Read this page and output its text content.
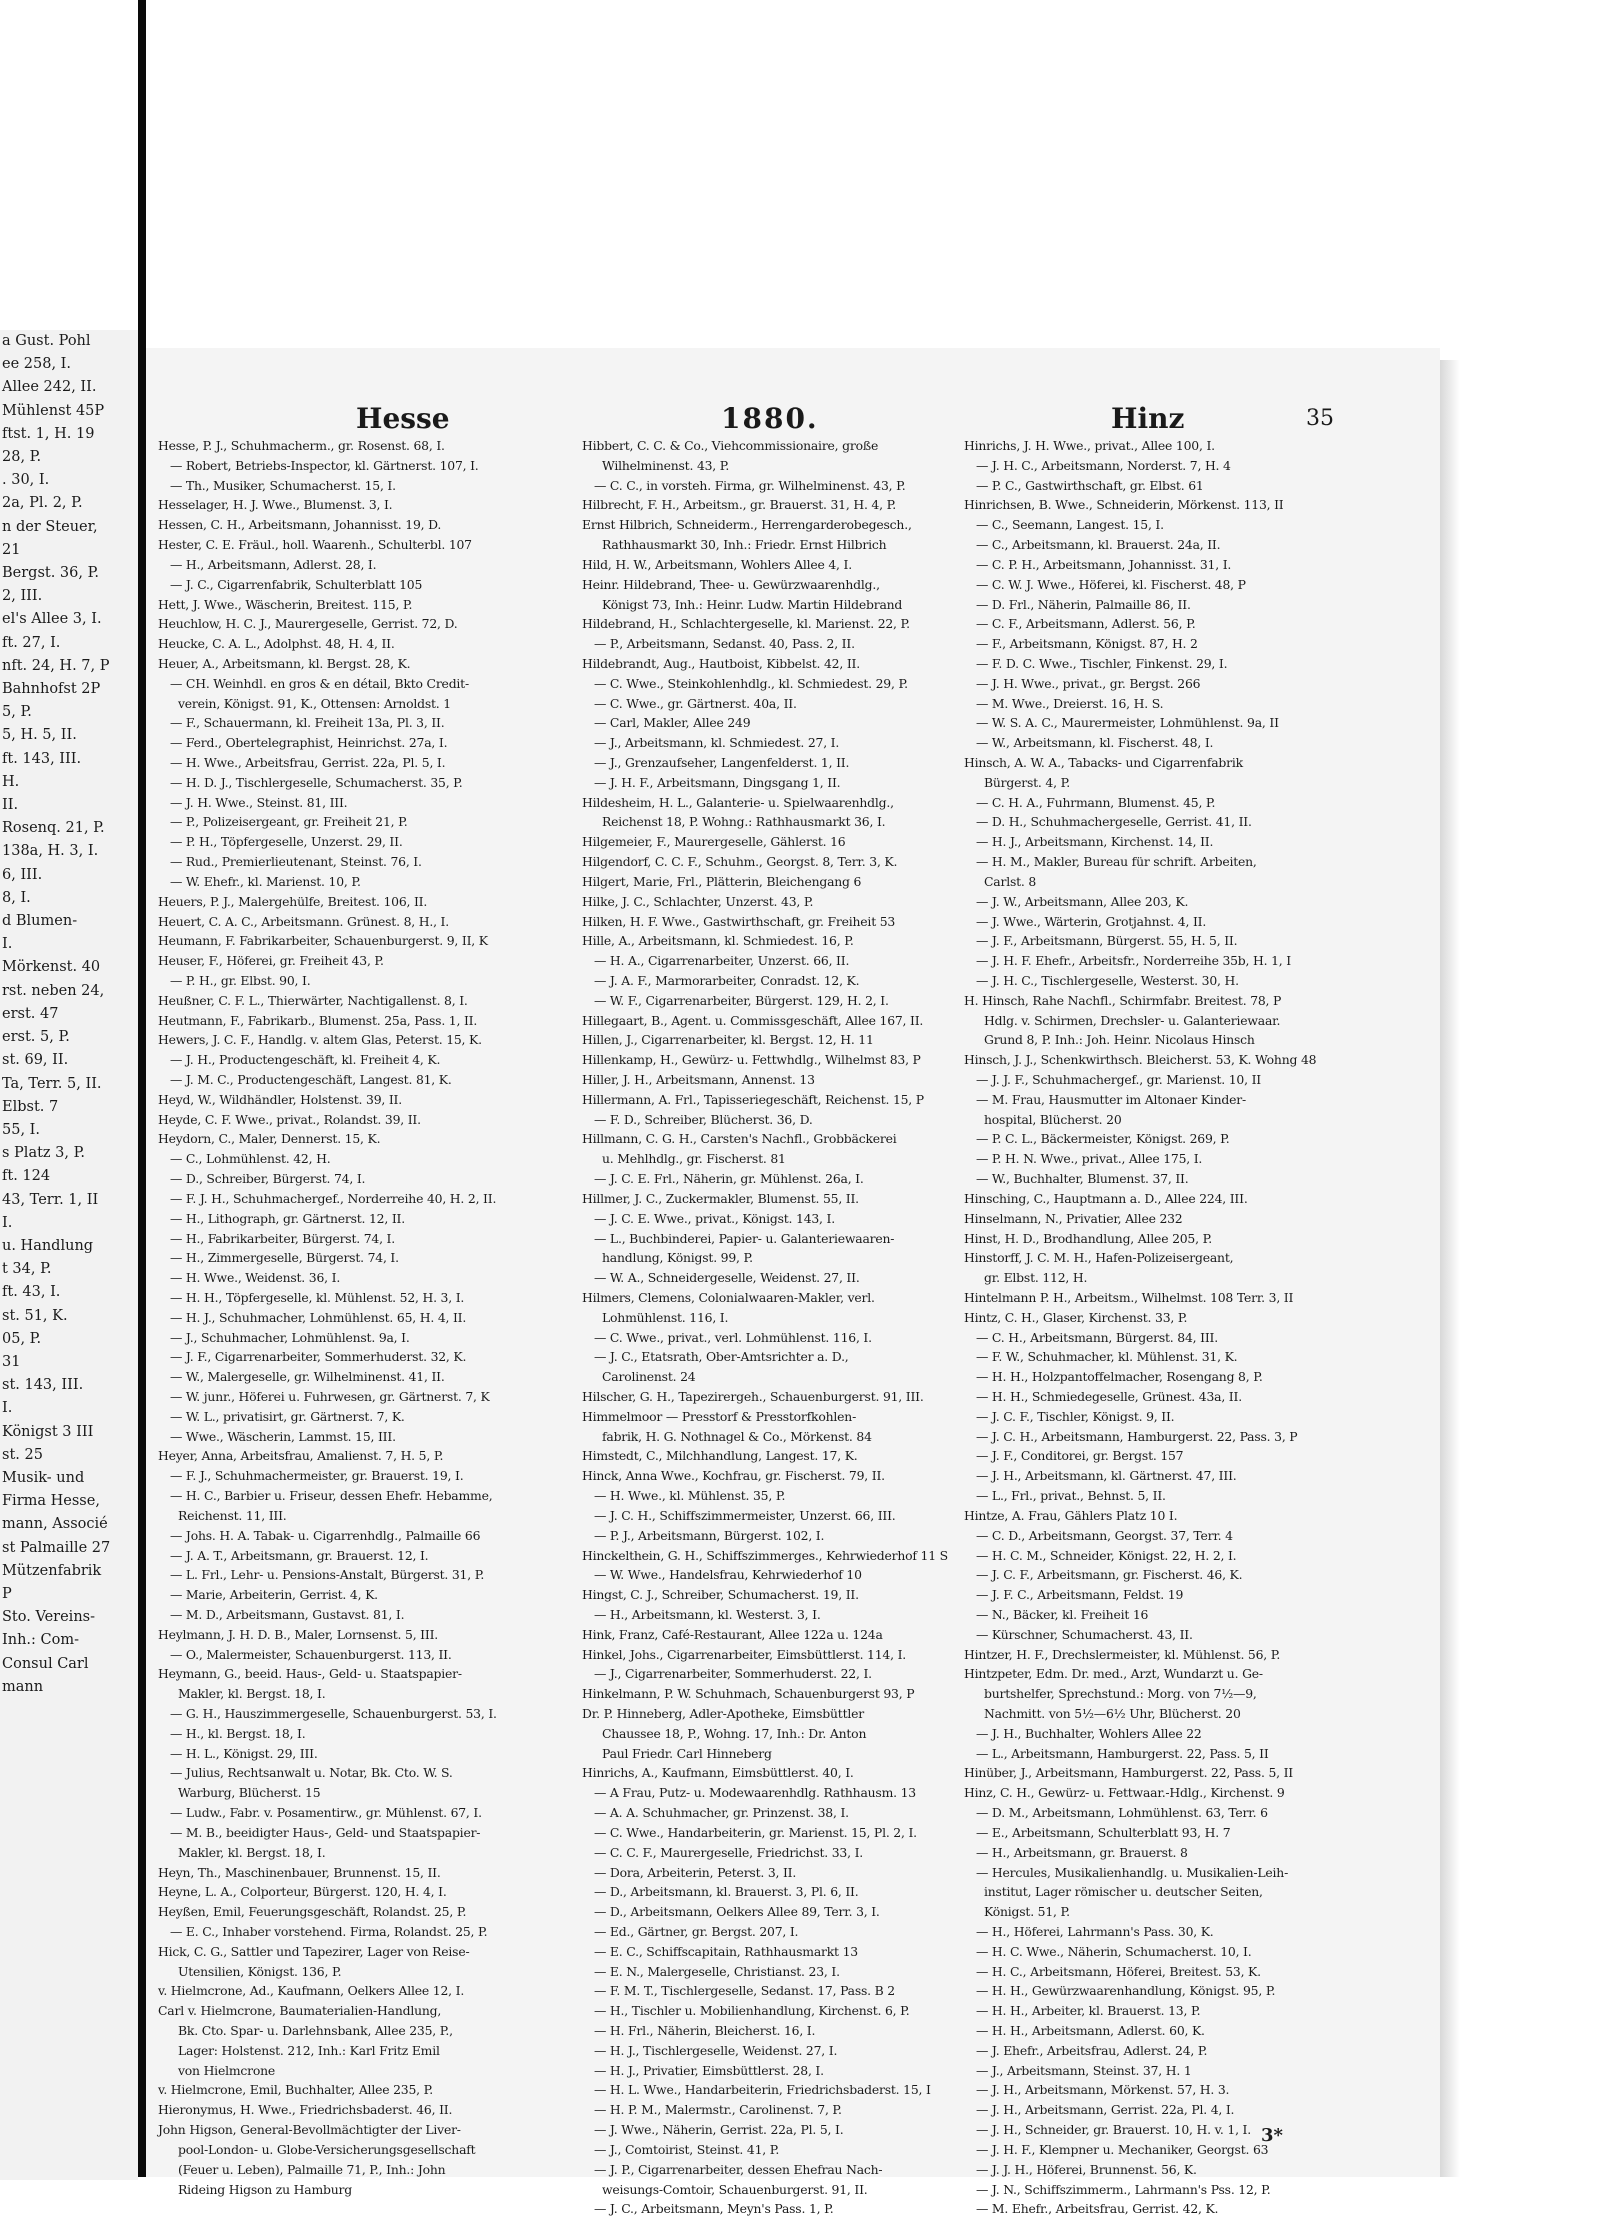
a Gust. Pohl
ee 258, I.
Allee 242, II.
Mühlenst 45P
ftst. 1, H. 19
28, P.
. 30, I.
2a, Pl. 2, P.
n der Steuer,
21
Bergst. 36, P.
2, III.
el's Allee 3, I.
ft. 27, I.
nft. 24, H. 7, P
Bahnhofst 2P
5, P.
5, H. 5, II.
ft. 143, III.
H.
II.
Rosenq. 21, P.
138a, H. 3, I.
6, III.
8, I.
d Blumen-
I.
Mörkenst. 40
rst. neben 24,
erst. 47
erst. 5, P.
st. 69, II.
Ta, Terr. 5, II.
Elbst. 7
55, I.
s Platz 3, P.
ft. 124
43, Terr. 1, II
I.
u. Handlung
t 34, P.
ft. 43, I.
st. 51, K.
05, P.
31
st. 143, III.
I.
Königst 3 III
st. 25
Musik- und
Firma Hesse,
mann, Associé
st Palmaille 27
Mützenfabrik
P
Sto. Vereins-
Inh.: Com-
Consul Carl
mann
Hesse	1880.	Hinz	35
Hesse, P. J., Schuhmacherm., gr. Rosenst. 68, I.
— Robert, Betriebs-Inspector, kl. Gärtnerst. 107, I.
— Th., Musiker, Schumacherst. 15, I.
Hesselager, H. J. Wwe., Blumenst. 3, I.
Hessen, C. H., Arbeitsmann, Johannisst. 19, D.
Hester, C. E. Fräul., holl. Waarenh., Schulterbl. 107
— H., Arbeitsmann, Adlerst. 28, I.
— J. C., Cigarrenfabrik, Schulterblatt 105
Hett, J. Wwe., Wäscherin, Breitest. 115, P.
Heuchlow, H. C. J., Maurergeselle, Gerrist. 72, D.
Heucke, C. A. L., Adolphst. 48, H. 4, II.
Heuer, A., Arbeitsmann, kl. Bergst. 28, K.
— CH. Weinhdl. en gros & en détail, Bkto Credit-
verein, Königst. 91, K., Ottensen: Arnoldst. 1
— F., Schauermann, kl. Freiheit 13a, Pl. 3, II.
— Ferd., Obertelegraphist, Heinrichst. 27a, I.
— H. Wwe., Arbeitsfrau, Gerrist. 22a, Pl. 5, I.
— H. D. J., Tischlergeselle, Schumacherst. 35, P.
— J. H. Wwe., Steinst. 81, III.
— P., Polizeisergeant, gr. Freiheit 21, P.
— P. H., Töpfergeselle, Unzerst. 29, II.
— Rud., Premierlieutenant, Steinst. 76, I.
— W. Ehefr., kl. Marienst. 10, P.
Heuers, P. J., Malergehülfe, Breitest. 106, II.
Heuert, C. A. C., Arbeitsmann. Grünest. 8, H., I.
Heumann, F. Fabrikarbeiter, Schauenburgerst. 9, II, K
Heuser, F., Höferei, gr. Freiheit 43, P.
— P. H., gr. Elbst. 90, I.
Heußner, C. F. L., Thierwärter, Nachtigallenst. 8, I.
Heutmann, F., Fabrikarb., Blumenst. 25a, Pass. 1, II.
Hewers, J. C. F., Handlg. v. altem Glas, Peterst. 15, K.
— J. H., Productengeschäft, kl. Freiheit 4, K.
— J. M. C., Productengeschäft, Langest. 81, K.
Heyd, W., Wildhändler, Holstenst. 39, II.
Heyde, C. F. Wwe., privat., Rolandst. 39, II.
Heydorn, C., Maler, Dennerst. 15, K.
— C., Lohmühlenst. 42, H.
— D., Schreiber, Bürgerst. 74, I.
— F. J. H., Schuhmachergef., Norderreihe 40, H. 2, II.
— H., Lithograph, gr. Gärtnerst. 12, II.
— H., Fabrikarbeiter, Bürgerst. 74, I.
— H., Zimmergeselle, Bürgerst. 74, I.
— H. Wwe., Weidenst. 36, I.
— H. H., Töpfergeselle, kl. Mühlenst. 52, H. 3, I.
— H. J., Schuhmacher, Lohmühlenst. 65, H. 4, II.
— J., Schuhmacher, Lohmühlenst. 9a, I.
— J. F., Cigarrenarbeiter, Sommerhuderst. 32, K.
— W., Malergeselle, gr. Wilhelminenst. 41, II.
— W. junr., Höferei u. Fuhrwesen, gr. Gärtnerst. 7, K
— W. L., privatisirt, gr. Gärtnerst. 7, K.
— Wwe., Wäscherin, Lammst. 15, III.
Heyer, Anna, Arbeitsfrau, Amalienst. 7, H. 5, P.
— F. J., Schuhmachermeister, gr. Brauerst. 19, I.
— H. C., Barbier u. Friseur, dessen Ehefr. Hebamme,
Reichenst. 11, III.
— Johs. H. A. Tabak- u. Cigarrenhdlg., Palmaille 66
— J. A. T., Arbeitsmann, gr. Brauerst. 12, I.
— L. Frl., Lehr- u. Pensions-Anstalt, Bürgerst. 31, P.
— Marie, Arbeiterin, Gerrist. 4, K.
— M. D., Arbeitsmann, Gustavst. 81, I.
Heylmann, J. H. D. B., Maler, Lornsenst. 5, III.
— O., Malermeister, Schauenburgerst. 113, II.
Heymann, G., beeid. Haus-, Geld- u. Staatspapier-
Makler, kl. Bergst. 18, I.
— G. H., Hauszimmergeselle, Schauenburgerst. 53, I.
— H., kl. Bergst. 18, I.
— H. L., Königst. 29, III.
— Julius, Rechtsanwalt u. Notar, Bk. Cto. W. S.
Warburg, Blücherst. 15
— Ludw., Fabr. v. Posamentirw., gr. Mühlenst. 67, I.
— M. B., beeidigter Haus-, Geld- und Staatspapier-
Makler, kl. Bergst. 18, I.
Heyn, Th., Maschinenbauer, Brunnenst. 15, II.
Heyne, L. A., Colporteur, Bürgerst. 120, H. 4, I.
Heyßen, Emil, Feuerungsgeschäft, Rolandst. 25, P.
— E. C., Inhaber vorstehend. Firma, Rolandst. 25, P.
Hick, C. G., Sattler und Tapezirer, Lager von Reise-
Utensilien, Königst. 136, P.
v. Hielmcrone, Ad., Kaufmann, Oelkers Allee 12, I.
Carl v. Hielmcrone, Baumaterialien-Handlung,
Bk. Cto. Spar- u. Darlehnsbank, Allee 235, P.,
Lager: Holstenst. 212, Inh.: Karl Fritz Emil
von Hielmcrone
v. Hielmcrone, Emil, Buchhalter, Allee 235, P.
Hieronymus, H. Wwe., Friedrichsbaderst. 46, II.
John Higson, General-Bevollmächtigter der Liver-
pool-London- u. Globe-Versicherungsgesellschaft
(Feuer u. Leben), Palmaille 71, P., Inh.: John
Rideing Higson zu Hamburg
Hibbert, C. C. & Co., Viehcommissionaire, große
Wilhelminenst. 43, P.
— C. C., in vorsteh. Firma, gr. Wilhelminenst. 43, P.
Hilbrecht, F. H., Arbeitsm., gr. Brauerst. 31, H. 4, P.
Ernst Hilbrich, Schneiderm., Herrengarderobegesch.,
Rathhausmarkt 30, Inh.: Friedr. Ernst Hilbrich
Hild, H. W., Arbeitsmann, Wohlers Allee 4, I.
Heinr. Hildebrand, Thee- u. Gewürzwaarenhdlg.,
Königst 73, Inh.: Heinr. Ludw. Martin Hildebrand
Hildebrand, H., Schlachtergeselle, kl. Marienst. 22, P.
— P., Arbeitsmann, Sedanst. 40, Pass. 2, II.
Hildebrandt, Aug., Hautboist, Kibbelst. 42, II.
— C. Wwe., Steinkohlenhdlg., kl. Schmiedest. 29, P.
— C. Wwe., gr. Gärtnerst. 40a, II.
— Carl, Makler, Allee 249
— J., Arbeitsmann, kl. Schmiedest. 27, I.
— J., Grenzaufseher, Langenfelderst. 1, II.
— J. H. F., Arbeitsmann, Dingsgang 1, II.
Hildesheim, H. L., Galanterie- u. Spielwaarenhdlg.,
Reichenst 18, P. Wohng.: Rathhausmarkt 36, I.
Hilgemeier, F., Maurergeselle, Gählerst. 16
Hilgendorf, C. C. F., Schuhm., Georgst. 8, Terr. 3, K.
Hilgert, Marie, Frl., Plätterin, Bleichengang 6
Hilke, J. C., Schlachter, Unzerst. 43, P.
Hilken, H. F. Wwe., Gastwirthschaft, gr. Freiheit 53
Hille, A., Arbeitsmann, kl. Schmiedest. 16, P.
— H. A., Cigarrenarbeiter, Unzerst. 66, II.
— J. A. F., Marmorarbeiter, Conradst. 12, K.
— W. F., Cigarrenarbeiter, Bürgerst. 129, H. 2, I.
Hillegaart, B., Agent. u. Commissgeschäft, Allee 167, II.
Hillen, J., Cigarrenarbeiter, kl. Bergst. 12, H. 11
Hillenkamp, H., Gewürz- u. Fettwhdlg., Wilhelmst 83, P
Hiller, J. H., Arbeitsmann, Annenst. 13
Hillermann, A. Frl., Tapisseriegeschäft, Reichenst. 15, P
— F. D., Schreiber, Blücherst. 36, D.
Hillmann, C. G. H., Carsten's Nachfl., Grobbäckerei
u. Mehlhdlg., gr. Fischerst. 81
— J. C. E. Frl., Näherin, gr. Mühlenst. 26a, I.
Hillmer, J. C., Zuckermakler, Blumenst. 55, II.
— J. C. E. Wwe., privat., Königst. 143, I.
— L., Buchbinderei, Papier- u. Galanteriewaaren-
handlung, Königst. 99, P.
— W. A., Schneidergeselle, Weidenst. 27, II.
Hilmers, Clemens, Colonialwaaren-Makler, verl.
Lohmühlenst. 116, I.
— C. Wwe., privat., verl. Lohmühlenst. 116, I.
— J. C., Etatsrath, Ober-Amtsrichter a. D.,
Carolinenst. 24
Hilscher, G. H., Tapezirergeh., Schauenburgerst. 91, III.
Himmelmoor — Presstorf & Presstorfkohlen-
fabrik, H. G. Nothnagel & Co., Mörkenst. 84
Himstedt, C., Milchhandlung, Langest. 17, K.
Hinck, Anna Wwe., Kochfrau, gr. Fischerst. 79, II.
— H. Wwe., kl. Mühlenst. 35, P.
— J. C. H., Schiffszimmermeister, Unzerst. 66, III.
— P. J., Arbeitsmann, Bürgerst. 102, I.
Hinckelthein, G. H., Schiffszimmerges., Kehrwiederhof 11 S
— W. Wwe., Handelsfrau, Kehrwiederhof 10
Hingst, C. J., Schreiber, Schumacherst. 19, II.
— H., Arbeitsmann, kl. Westerst. 3, I.
Hink, Franz, Café-Restaurant, Allee 122a u. 124a
Hinkel, Johs., Cigarrenarbeiter, Eimsbüttlerst. 114, I.
— J., Cigarrenarbeiter, Sommerhuderst. 22, I.
Hinkelmann, P. W. Schuhmach, Schauenburgerst 93, P
Dr. P. Hinneberg, Adler-Apotheke, Eimsbüttler
Chaussee 18, P., Wohng. 17, Inh.: Dr. Anton
Paul Friedr. Carl Hinneberg
Hinrichs, A., Kaufmann, Eimsbüttlerst. 40, I.
— A Frau, Putz- u. Modewaarenhdlg. Rathhausm. 13
— A. A. Schuhmacher, gr. Prinzenst. 38, I.
— C. Wwe., Handarbeiterin, gr. Marienst. 15, Pl. 2, I.
— C. C. F., Maurergeselle, Friedrichst. 33, I.
— Dora, Arbeiterin, Peterst. 3, II.
— D., Arbeitsmann, kl. Brauerst. 3, Pl. 6, II.
— D., Arbeitsmann, Oelkers Allee 89, Terr. 3, I.
— Ed., Gärtner, gr. Bergst. 207, I.
— E. C., Schiffscapitain, Rathhausmarkt 13
— E. N., Malergeselle, Christianst. 23, I.
— F. M. T., Tischlergeselle, Sedanst. 17, Pass. B 2
— H., Tischler u. Mobilienhandlung, Kirchenst. 6, P.
— H. Frl., Näherin, Bleicherst. 16, I.
— H. J., Tischlergeselle, Weidenst. 27, I.
— H. J., Privatier, Eimsbüttlerst. 28, I.
— H. L. Wwe., Handarbeiterin, Friedrichsbaderst. 15, I
— H. P. M., Malermstr., Carolinenst. 7, P.
— J. Wwe., Näherin, Gerrist. 22a, Pl. 5, I.
— J., Comtoirist, Steinst. 41, P.
— J. P., Cigarrenarbeiter, dessen Ehefrau Nach-
weisungs-Comtoir, Schauenburgerst. 91, II.
— J. C., Arbeitsmann, Meyn's Pass. 1, P.
Hinrichs, J. H. Wwe., privat., Allee 100, I.
— J. H. C., Arbeitsmann, Norderst. 7, H. 4
— P. C., Gastwirthschaft, gr. Elbst. 61
Hinrichsen, B. Wwe., Schneiderin, Mörkenst. 113, II
— C., Seemann, Langest. 15, I.
— C., Arbeitsmann, kl. Brauerst. 24a, II.
— C. P. H., Arbeitsmann, Johannisst. 31, I.
— C. W. J. Wwe., Höferei, kl. Fischerst. 48, P
— D. Frl., Näherin, Palmaille 86, II.
— C. F., Arbeitsmann, Adlerst. 56, P.
— F., Arbeitsmann, Königst. 87, H. 2
— F. D. C. Wwe., Tischler, Finkenst. 29, I.
— J. H. Wwe., privat., gr. Bergst. 266
— M. Wwe., Dreierst. 16, H. S.
— W. S. A. C., Maurermeister, Lohmühlenst. 9a, II
— W., Arbeitsmann, kl. Fischerst. 48, I.
Hinsch, A. W. A., Tabacks- und Cigarrenfabrik
Bürgerst. 4, P.
— C. H. A., Fuhrmann, Blumenst. 45, P.
— D. H., Schuhmachergeselle, Gerrist. 41, II.
— H. J., Arbeitsmann, Kirchenst. 14, II.
— H. M., Makler, Bureau für schrift. Arbeiten,
Carlst. 8
— J. W., Arbeitsmann, Allee 203, K.
— J. Wwe., Wärterin, Grotjahnst. 4, II.
— J. F., Arbeitsmann, Bürgerst. 55, H. 5, II.
— J. H. F. Ehefr., Arbeitsfr., Norderreihe 35b, H. 1, I
— J. H. C., Tischlergeselle, Westerst. 30, H.
H. Hinsch, Rahe Nachfl., Schirmfabr. Breitest. 78, P
Hdlg. v. Schirmen, Drechsler- u. Galanteriewaar.
Grund 8, P. Inh.: Joh. Heinr. Nicolaus Hinsch
Hinsch, J. J., Schenkwirthsch. Bleicherst. 53, K. Wohng 48
— J. J. F., Schuhmachergef., gr. Marienst. 10, II
— M. Frau, Hausmutter im Altonaer Kinder-
hospital, Blücherst. 20
— P. C. L., Bäckermeister, Königst. 269, P.
— P. H. N. Wwe., privat., Allee 175, I.
— W., Buchhalter, Blumenst. 37, II.
Hinsching, C., Hauptmann a. D., Allee 224, III.
Hinselmann, N., Privatier, Allee 232
Hinst, H. D., Brodhandlung, Allee 205, P.
Hinstorff, J. C. M. H., Hafen-Polizeisergeant,
gr. Elbst. 112, H.
Hintelmann P. H., Arbeitsm., Wilhelmst. 108 Terr. 3, II
Hintz, C. H., Glaser, Kirchenst. 33, P.
— C. H., Arbeitsmann, Bürgerst. 84, III.
— F. W., Schuhmacher, kl. Mühlenst. 31, K.
— H. H., Holzpantoffelmacher, Rosengang 8, P.
— H. H., Schmiedegeselle, Grünest. 43a, II.
— J. C. F., Tischler, Königst. 9, II.
— J. C. H., Arbeitsmann, Hamburgerst. 22, Pass. 3, P
— J. F., Conditorei, gr. Bergst. 157
— J. H., Arbeitsmann, kl. Gärtnerst. 47, III.
— L., Frl., privat., Behnst. 5, II.
Hintze, A. Frau, Gählers Platz 10 I.
— C. D., Arbeitsmann, Georgst. 37, Terr. 4
— H. C. M., Schneider, Königst. 22, H. 2, I.
— J. C. F., Arbeitsmann, gr. Fischerst. 46, K.
— J. F. C., Arbeitsmann, Feldst. 19
— N., Bäcker, kl. Freiheit 16
— Kürschner, Schumacherst. 43, II.
Hintzer, H. F., Drechslermeister, kl. Mühlenst. 56, P.
Hintzpeter, Edm. Dr. med., Arzt, Wundarzt u. Ge-
burtshelfer, Sprechstund.: Morg. von 7½—9,
Nachmitt. von 5½—6½ Uhr, Blücherst. 20
— J. H., Buchhalter, Wohlers Allee 22
— L., Arbeitsmann, Hamburgerst. 22, Pass. 5, II
Hinüber, J., Arbeitsmann, Hamburgerst. 22, Pass. 5, II
Hinz, C. H., Gewürz- u. Fettwaar.-Hdlg., Kirchenst. 9
— D. M., Arbeitsmann, Lohmühlenst. 63, Terr. 6
— E., Arbeitsmann, Schulterblatt 93, H. 7
— H., Arbeitsmann, gr. Brauerst. 8
— Hercules, Musikalienhandlg. u. Musikalien-Leih-
institut, Lager römischer u. deutscher Seiten,
Königst. 51, P.
— H., Höferei, Lahrmann's Pass. 30, K.
— H. C. Wwe., Näherin, Schumacherst. 10, I.
— H. C., Arbeitsmann, Höferei, Breitest. 53, K.
— H. H., Gewürzwaarenhandlung, Königst. 95, P.
— H. H., Arbeiter, kl. Brauerst. 13, P.
— H. H., Arbeitsmann, Adlerst. 60, K.
— J. Ehefr., Arbeitsfrau, Adlerst. 24, P.
— J., Arbeitsmann, Steinst. 37, H. 1
— J. H., Arbeitsmann, Mörkenst. 57, H. 3.
— J. H., Arbeitsmann, Gerrist. 22a, Pl. 4, I.
— J. H., Schneider, gr. Brauerst. 10, H. v. 1, I.
— J. H. F., Klempner u. Mechaniker, Georgst. 63
— J. J. H., Höferei, Brunnenst. 56, K.
— J. N., Schiffszimmerm., Lahrmann's Pss. 12, P.
— M. Ehefr., Arbeitsfrau, Gerrist. 42, K.
3*
